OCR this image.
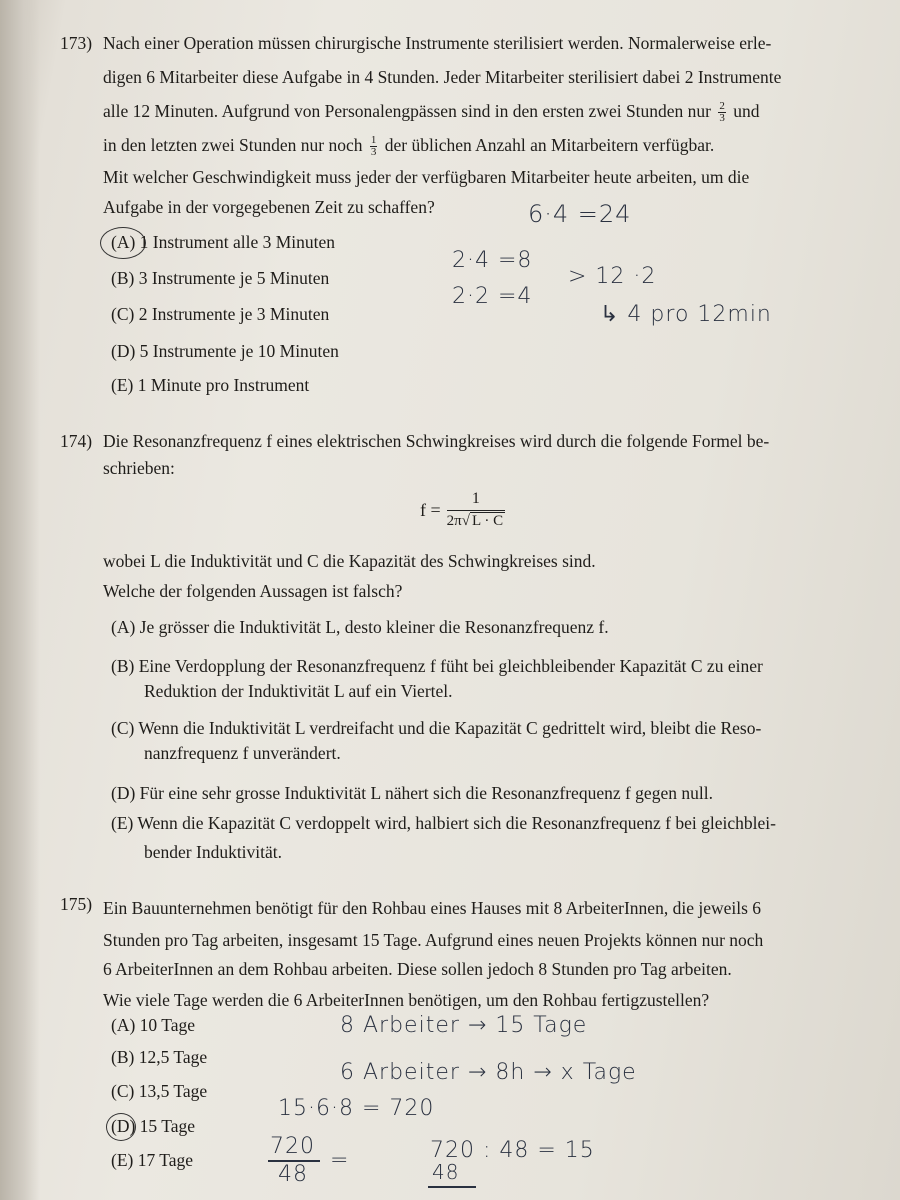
173) Nach einer Operation müssen chirurgische Instrumente sterilisiert werden. Normalerweise erle-
digen 6 Mitarbeiter diese Aufgabe in 4 Stunden. Jeder Mitarbeiter sterilisiert dabei 2 Instrumente
alle 12 Minuten. Aufgrund von Personalengpässen sind in den ersten zwei Stunden nur $\frac{2}{3}$ und
in den letzten zwei Stunden nur noch $\frac{1}{3}$ der üblichen Anzahl an Mitarbeitern verfügbar.
Mit welcher Geschwindigkeit muss jeder der verfügbaren Mitarbeiter heute arbeiten, um die
Aufgabe in der vorgegebenen Zeit zu schaffen?
(A) 1 Instrument alle 3 Minuten
(B) 3 Instrumente je 5 Minuten
(C) 2 Instrumente je 3 Minuten
(D) 5 Instrumente je 10 Minuten
(E) 1 Minute pro Instrument
6·4 =24
2·4 =8
2·2 =4
> 12 ·2
↳ 4 pro 12min
174) Die Resonanzfrequenz f eines elektrischen Schwingkreises wird durch die folgende Formel be-
schrieben:
$f = \frac{1}{2\pi√ L \cdot C}$
wobei L die Induktivität und C die Kapazität des Schwingkreises sind.
Welche der folgenden Aussagen ist falsch?
(A) Je grösser die Induktivität L, desto kleiner die Resonanzfrequenz f.
(B) Eine Verdopplung der Resonanzfrequenz f füht bei gleichbleibender Kapazität C zu einer
Reduktion der Induktivität L auf ein Viertel.
(C) Wenn die Induktivität L verdreifacht und die Kapazität C gedrittelt wird, bleibt die Reso-
nanzfrequenz f unverändert.
(D) Für eine sehr grosse Induktivität L nähert sich die Resonanzfrequenz f gegen null.
(E) Wenn die Kapazität C verdoppelt wird, halbiert sich die Resonanzfrequenz f bei gleichblei-
bender Induktivität.
175) Ein Bauunternehmen benötigt für den Rohbau eines Hauses mit 8 ArbeiterInnen, die jeweils 6
Stunden pro Tag arbeiten, insgesamt 15 Tage. Aufgrund eines neuen Projekts können nur noch
6 ArbeiterInnen an dem Rohbau arbeiten. Diese sollen jedoch 8 Stunden pro Tag arbeiten.
Wie viele Tage werden die 6 ArbeiterInnen benötigen, um den Rohbau fertigzustellen?
(A) 10 Tage
(B) 12,5 Tage
(C) 13,5 Tage
(D) 15 Tage
(E) 17 Tage
8 Arbeiter → 15 Tage
6 Arbeiter → 8h → x Tage
15·6·8 = 720
720
48
=	720 : 48 = 15
48
